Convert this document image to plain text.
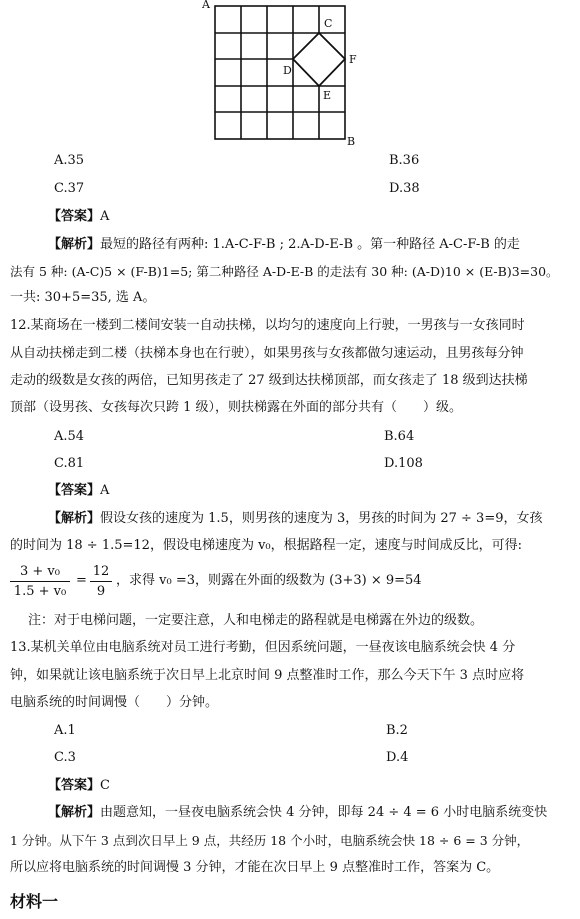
A
C
D
F
E
B
A.35	B.36
C.37	D.38
【答案】A
【解析】最短的路径有两种: 1.A-C-F-B ; 2.A-D-E-B 。第一种路径 A-C-F-B 的走
法有 5 种: (A-C)5 × (F-B)1=5; 第二种路径 A-D-E-B 的走法有 30 种: (A-D)10 × (E-B)3=30。
一共: 30+5=35, 选 A。
12.某商场在一楼到二楼间安装一自动扶梯，以均匀的速度向上行驶，一男孩与一女孩同时
从自动扶梯走到二楼（扶梯本身也在行驶），如果男孩与女孩都做匀速运动，且男孩每分钟
走动的级数是女孩的两倍，已知男孩走了 27 级到达扶梯顶部，而女孩走了 18 级到达扶梯
顶部（设男孩、女孩每次只跨 1 级），则扶梯露在外面的部分共有（　　）级。
A.54	B.64
C.81	D.108
【答案】A
【解析】假设女孩的速度为 1.5，则男孩的速度为 3，男孩的时间为 27 ÷ 3=9，女孩
的时间为 18 ÷ 1.5=12，假设电梯速度为 v₀，根据路程一定，速度与时间成反比，可得:
3 + v₀
1.5 + v₀
=
12
9
，求得 v₀ =3，则露在外面的级数为 (3+3) × 9=54
注：对于电梯问题，一定要注意，人和电梯走的路程就是电梯露在外边的级数。
13.某机关单位由电脑系统对员工进行考勤，但因系统问题，一昼夜该电脑系统会快 4 分
钟，如果就让该电脑系统于次日早上北京时间 9 点整准时工作，那么今天下午 3 点时应将
电脑系统的时间调慢（　　）分钟。
A.1	B.2
C.3	D.4
【答案】C
【解析】由题意知，一昼夜电脑系统会快 4 分钟，即每 24 ÷ 4 = 6 小时电脑系统变快
1 分钟。从下午 3 点到次日早上 9 点，共经历 18 个小时，电脑系统会快 18 ÷ 6 = 3 分钟，
所以应将电脑系统的时间调慢 3 分钟，才能在次日早上 9 点整准时工作，答案为 C。
材料一
